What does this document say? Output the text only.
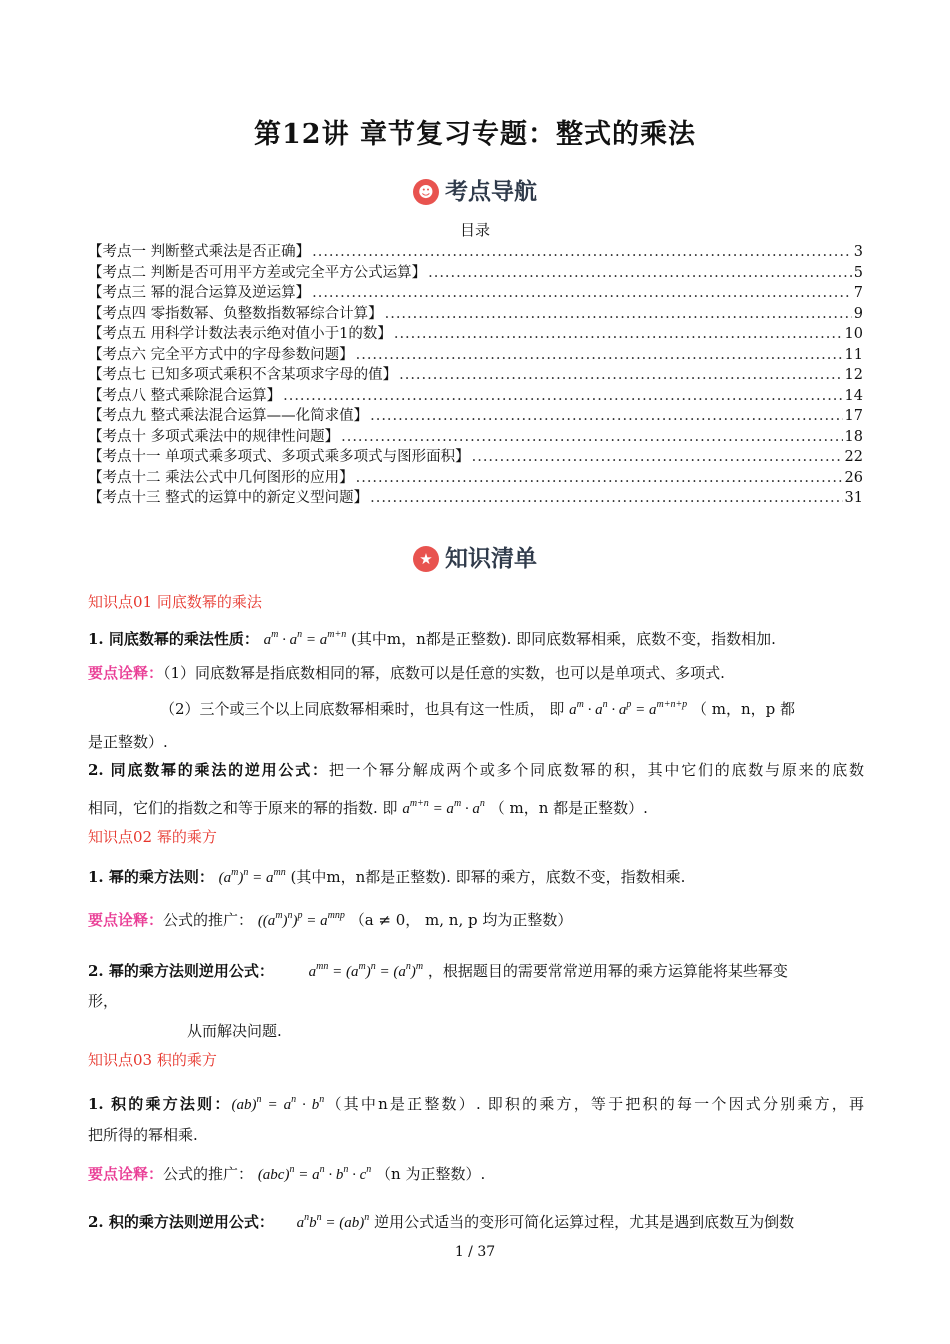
第12讲 章节复习专题：整式的乘法
☻ 考点导航
目录
【考点一 判断整式乘法是否正确】 .....	3
【考点二 判断是否可用平方差或完全平方公式运算】 .....	5
【考点三 幂的混合运算及逆运算】 .....	7
【考点四 零指数幂、负整数指数幂综合计算】 .....	9
【考点五 用科学计数法表示绝对值小于1的数】 .....	10
【考点六 完全平方式中的字母参数问题】 .....	11
【考点七 已知多项式乘积不含某项求字母的值】 .....	12
【考点八 整式乘除混合运算】 .....	14
【考点九 整式乘法混合运算——化简求值】 .....	17
【考点十 多项式乘法中的规律性问题】 .....	18
【考点十一 单项式乘多项式、多项式乘多项式与图形面积】 .....	22
【考点十二 乘法公式中几何图形的应用】 .....	26
【考点十三 整式的运算中的新定义型问题】 .....	31
★ 知识清单
知识点01 同底数幂的乘法
1. 同底数幂的乘法性质： $a^m \cdot a^n = a^{m+n}$ (其中m，n都是正整数). 即同底数幂相乘，底数不变，指数相加.
要点诠释：（1）同底数幂是指底数相同的幂，底数可以是任意的实数，也可以是单项式、多项式.
（2）三个或三个以上同底数幂相乘时，也具有这一性质， 即 $a^m \cdot a^n \cdot a^p = a^{m+n+p}$ （ m，n，p 都
是正整数）.
2. 同底数幂的乘法的逆用公式：把一个幂分解成两个或多个同底数幂的积，其中它们的底数与原来的底数
相同，它们的指数之和等于原来的幂的指数. 即 $a^{m+n} = a^m \cdot a^n$ （ m，n 都是正整数）.
知识点02 幂的乘方
1. 幂的乘方法则： $(a^m)^n = a^{mn}$ (其中m，n都是正整数). 即幂的乘方，底数不变，指数相乘.
要点诠释：公式的推广： $((a^m)^n)^p = a^{mnp}$ （a ≠ 0， m, n, p 均为正整数）
2. 幂的乘方法则逆用公式： $a^{mn} = (a^m)^n = (a^n)^m$ ，根据题目的需要常常逆用幂的乘方运算能将某些幂变
形，
从而解决问题.
知识点03 积的乘方
1. 积的乘方法则：$(ab)^n = a^n \cdot b^n$（其中n是正整数）. 即积的乘方，等于把积的每一个因式分别乘方，再
把所得的幂相乘.
要点诠释：公式的推广： $(abc)^n = a^n \cdot b^n \cdot c^n$ （n 为正整数）.
2. 积的乘方法则逆用公式： $a^nb^n = (ab)^n$ 逆用公式适当的变形可简化运算过程，尤其是遇到底数互为倒数
1 / 37
